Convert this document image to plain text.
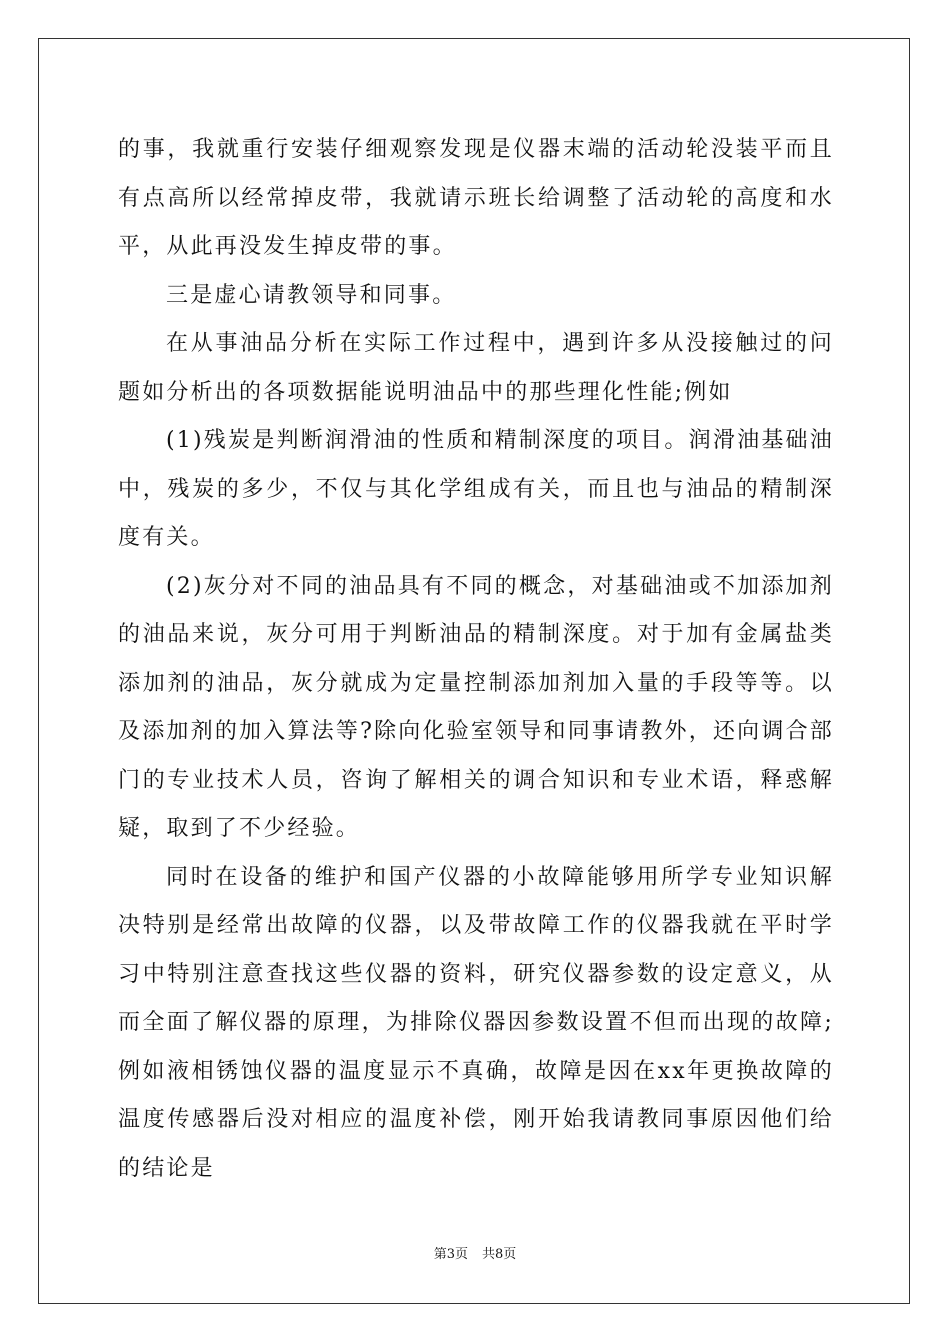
的事，我就重行安装仔细观察发现是仪器末端的活动轮没装平而且有点高所以经常掉皮带，我就请示班长给调整了活动轮的高度和水平，从此再没发生掉皮带的事。

三是虚心请教领导和同事。

在从事油品分析在实际工作过程中，遇到许多从没接触过的问题如分析出的各项数据能说明油品中的那些理化性能;例如

(1)残炭是判断润滑油的性质和精制深度的项目。润滑油基础油中，残炭的多少，不仅与其化学组成有关，而且也与油品的精制深度有关。

(2)灰分对不同的油品具有不同的概念，对基础油或不加添加剂的油品来说，灰分可用于判断油品的精制深度。对于加有金属盐类添加剂的油品，灰分就成为定量控制添加剂加入量的手段等等。以及添加剂的加入算法等?除向化验室领导和同事请教外，还向调合部门的专业技术人员，咨询了解相关的调合知识和专业术语，释惑解疑，取到了不少经验。

同时在设备的维护和国产仪器的小故障能够用所学专业知识解决特别是经常出故障的仪器，以及带故障工作的仪器我就在平时学习中特别注意查找这些仪器的资料，研究仪器参数的设定意义，从而全面了解仪器的原理，为排除仪器因参数设置不但而出现的故障;例如液相锈蚀仪器的温度显示不真确，故障是因在xx年更换故障的温度传感器后没对相应的温度补偿，刚开始我请教同事原因他们给的结论是

第3页 共8页
